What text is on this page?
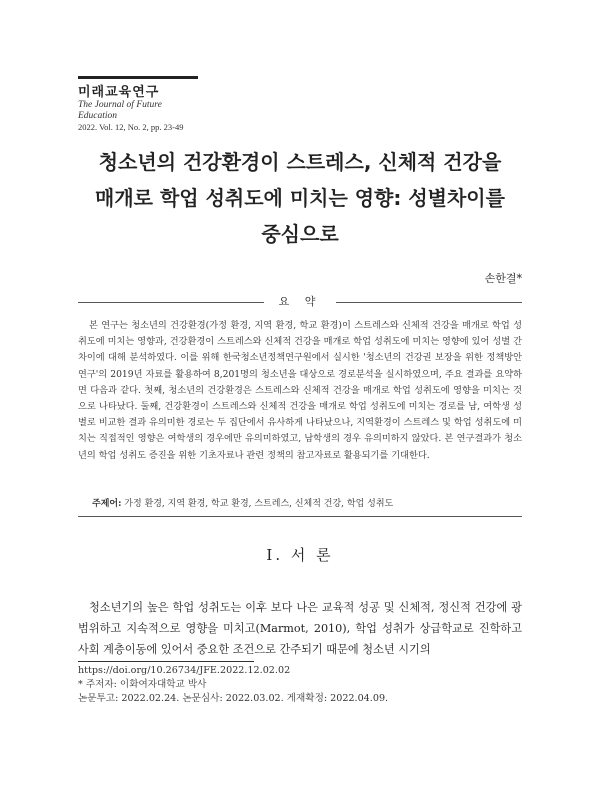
미래교육연구
The Journal of Future Education
2022. Vol. 12, No. 2, pp. 23-49
청소년의 건강환경이 스트레스, 신체적 건강을
매개로 학업 성취도에 미치는 영향: 성별차이를
중심으로
손한결*
요 약
본 연구는 청소년의 건강환경(가정 환경, 지역 환경, 학교 환경)이 스트레스와 신체적 건강을 매개로 학업 성취도에 미치는 영향과, 건강환경이 스트레스와 신체적 건강을 매개로 학업 성취도에 미치는 영향에 있어 성별 간 차이에 대해 분석하였다. 이를 위해 한국청소년정책연구원에서 실시한 '청소년의 건강권 보장을 위한 정책방안 연구'의 2019년 자료를 활용하여 8,201명의 청소년을 대상으로 경로분석을 실시하였으며, 주요 결과를 요약하면 다음과 같다. 첫째, 청소년의 건강환경은 스트레스와 신체적 건강을 매개로 학업 성취도에 영향을 미치는 것으로 나타났다. 둘째, 건강환경이 스트레스와 신체적 건강을 매개로 학업 성취도에 미치는 경로를 남, 여학생 성별로 비교한 결과 유의미한 경로는 두 집단에서 유사하게 나타났으나, 지역환경이 스트레스 및 학업 성취도에 미치는 직접적인 영향은 여학생의 경우에만 유의미하였고, 남학생의 경우 유의미하지 않았다. 본 연구결과가 청소년의 학업 성취도 증진을 위한 기초자료나 관련 정책의 참고자료로 활용되기를 기대한다.
주제어: 가정 환경, 지역 환경, 학교 환경, 스트레스, 신체적 건강, 학업 성취도
I. 서 론
청소년기의 높은 학업 성취도는 이후 보다 나은 교육적 성공 및 신체적, 정신적 건강에 광범위하고 지속적으로 영향을 미치고(Marmot, 2010), 학업 성취가 상급학교로 진학하고 사회 계층이동에 있어서 중요한 조건으로 간주되기 때문에 청소년 시기의
https://doi.org/10.26734/JFE.2022.12.02.02
* 주저자: 이화여자대학교 박사
논문투고: 2022.02.24. 논문심사: 2022.03.02. 게재확정: 2022.04.09.
